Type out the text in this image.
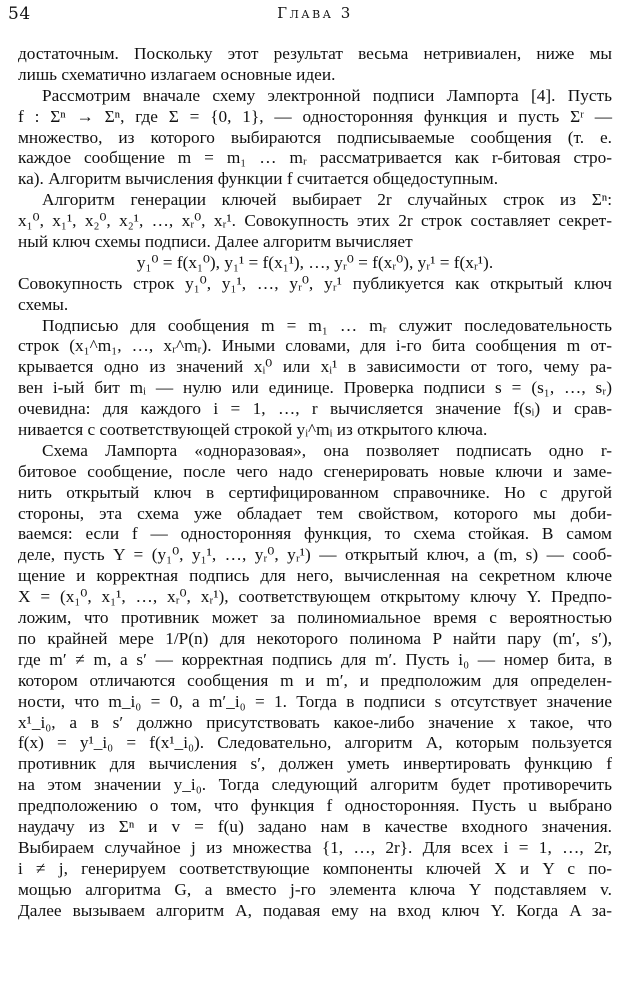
54	Глава 3
достаточным. Поскольку этот результат весьма нетривиален, ниже мы
лишь схематично излагаем основные идеи.
Рассмотрим вначале схему электронной подписи Лампорта [4]. Пусть
f : Σⁿ → Σⁿ, где Σ = {0, 1}, — односторонняя функция и пусть Σʳ —
множество, из которого выбираются подписываемые сообщения (т. е.
каждое сообщение m = m₁ … mᵣ рассматривается как r-битовая стро-
ка). Алгоритм вычисления функции f считается общедоступным.
Алгоритм генерации ключей выбирает 2r случайных строк из Σⁿ:
x₁⁰, x₁¹, x₂⁰, x₂¹, …, xᵣ⁰, xᵣ¹. Совокупность этих 2r строк составляет секрет-
ный ключ схемы подписи. Далее алгоритм вычисляет
y₁⁰ = f(x₁⁰), y₁¹ = f(x₁¹), …, yᵣ⁰ = f(xᵣ⁰), yᵣ¹ = f(xᵣ¹).
Совокупность строк y₁⁰, y₁¹, …, yᵣ⁰, yᵣ¹ публикуется как открытый ключ
схемы.
Подписью для сообщения m = m₁ … mᵣ служит последовательность
строк (x₁^m₁, …, xᵣ^mᵣ). Иными словами, для i-го бита сообщения m от-
крывается одно из значений xᵢ⁰ или xᵢ¹ в зависимости от того, чему ра-
вен i-ый бит mᵢ — нулю или единице. Проверка подписи s = (s₁, …, sᵣ)
очевидна: для каждого i = 1, …, r вычисляется значение f(sᵢ) и срав-
нивается с соответствующей строкой yᵢ^mᵢ из открытого ключа.
Схема Лампорта «одноразовая», она позволяет подписать одно r-
битовое сообщение, после чего надо сгенерировать новые ключи и заме-
нить открытый ключ в сертифицированном справочнике. Но с другой
стороны, эта схема уже обладает тем свойством, которого мы доби-
ваемся: если f — односторонняя функция, то схема стойкая. В самом
деле, пусть Y = (y₁⁰, y₁¹, …, yᵣ⁰, yᵣ¹) — открытый ключ, а (m, s) — сооб-
щение и корректная подпись для него, вычисленная на секретном ключе
X = (x₁⁰, x₁¹, …, xᵣ⁰, xᵣ¹), соответствующем открытому ключу Y. Предпо-
ложим, что противник может за полиномиальное время с вероятностью
по крайней мере 1/P(n) для некоторого полинома P найти пару (m′, s′),
где m′ ≠ m, а s′ — корректная подпись для m′. Пусть i₀ — номер бита, в
котором отличаются сообщения m и m′, и предположим для определен-
ности, что m_i₀ = 0, а m′_i₀ = 1. Тогда в подписи s отсутствует значение
x¹_i₀, а в s′ должно присутствовать какое-либо значение x такое, что
f(x) = y¹_i₀ = f(x¹_i₀). Следовательно, алгоритм A, которым пользуется
противник для вычисления s′, должен уметь инвертировать функцию f
на этом значении y_i₀. Тогда следующий алгоритм будет противоречить
предположению о том, что функция f односторонняя. Пусть u выбрано
наудачу из Σⁿ и v = f(u) задано нам в качестве входного значения.
Выбираем случайное j из множества {1, …, 2r}. Для всех i = 1, …, 2r,
i ≠ j, генерируем соответствующие компоненты ключей X и Y с по-
мощью алгоритма G, а вместо j-го элемента ключа Y подставляем v.
Далее вызываем алгоритм A, подавая ему на вход ключ Y. Когда A за-
